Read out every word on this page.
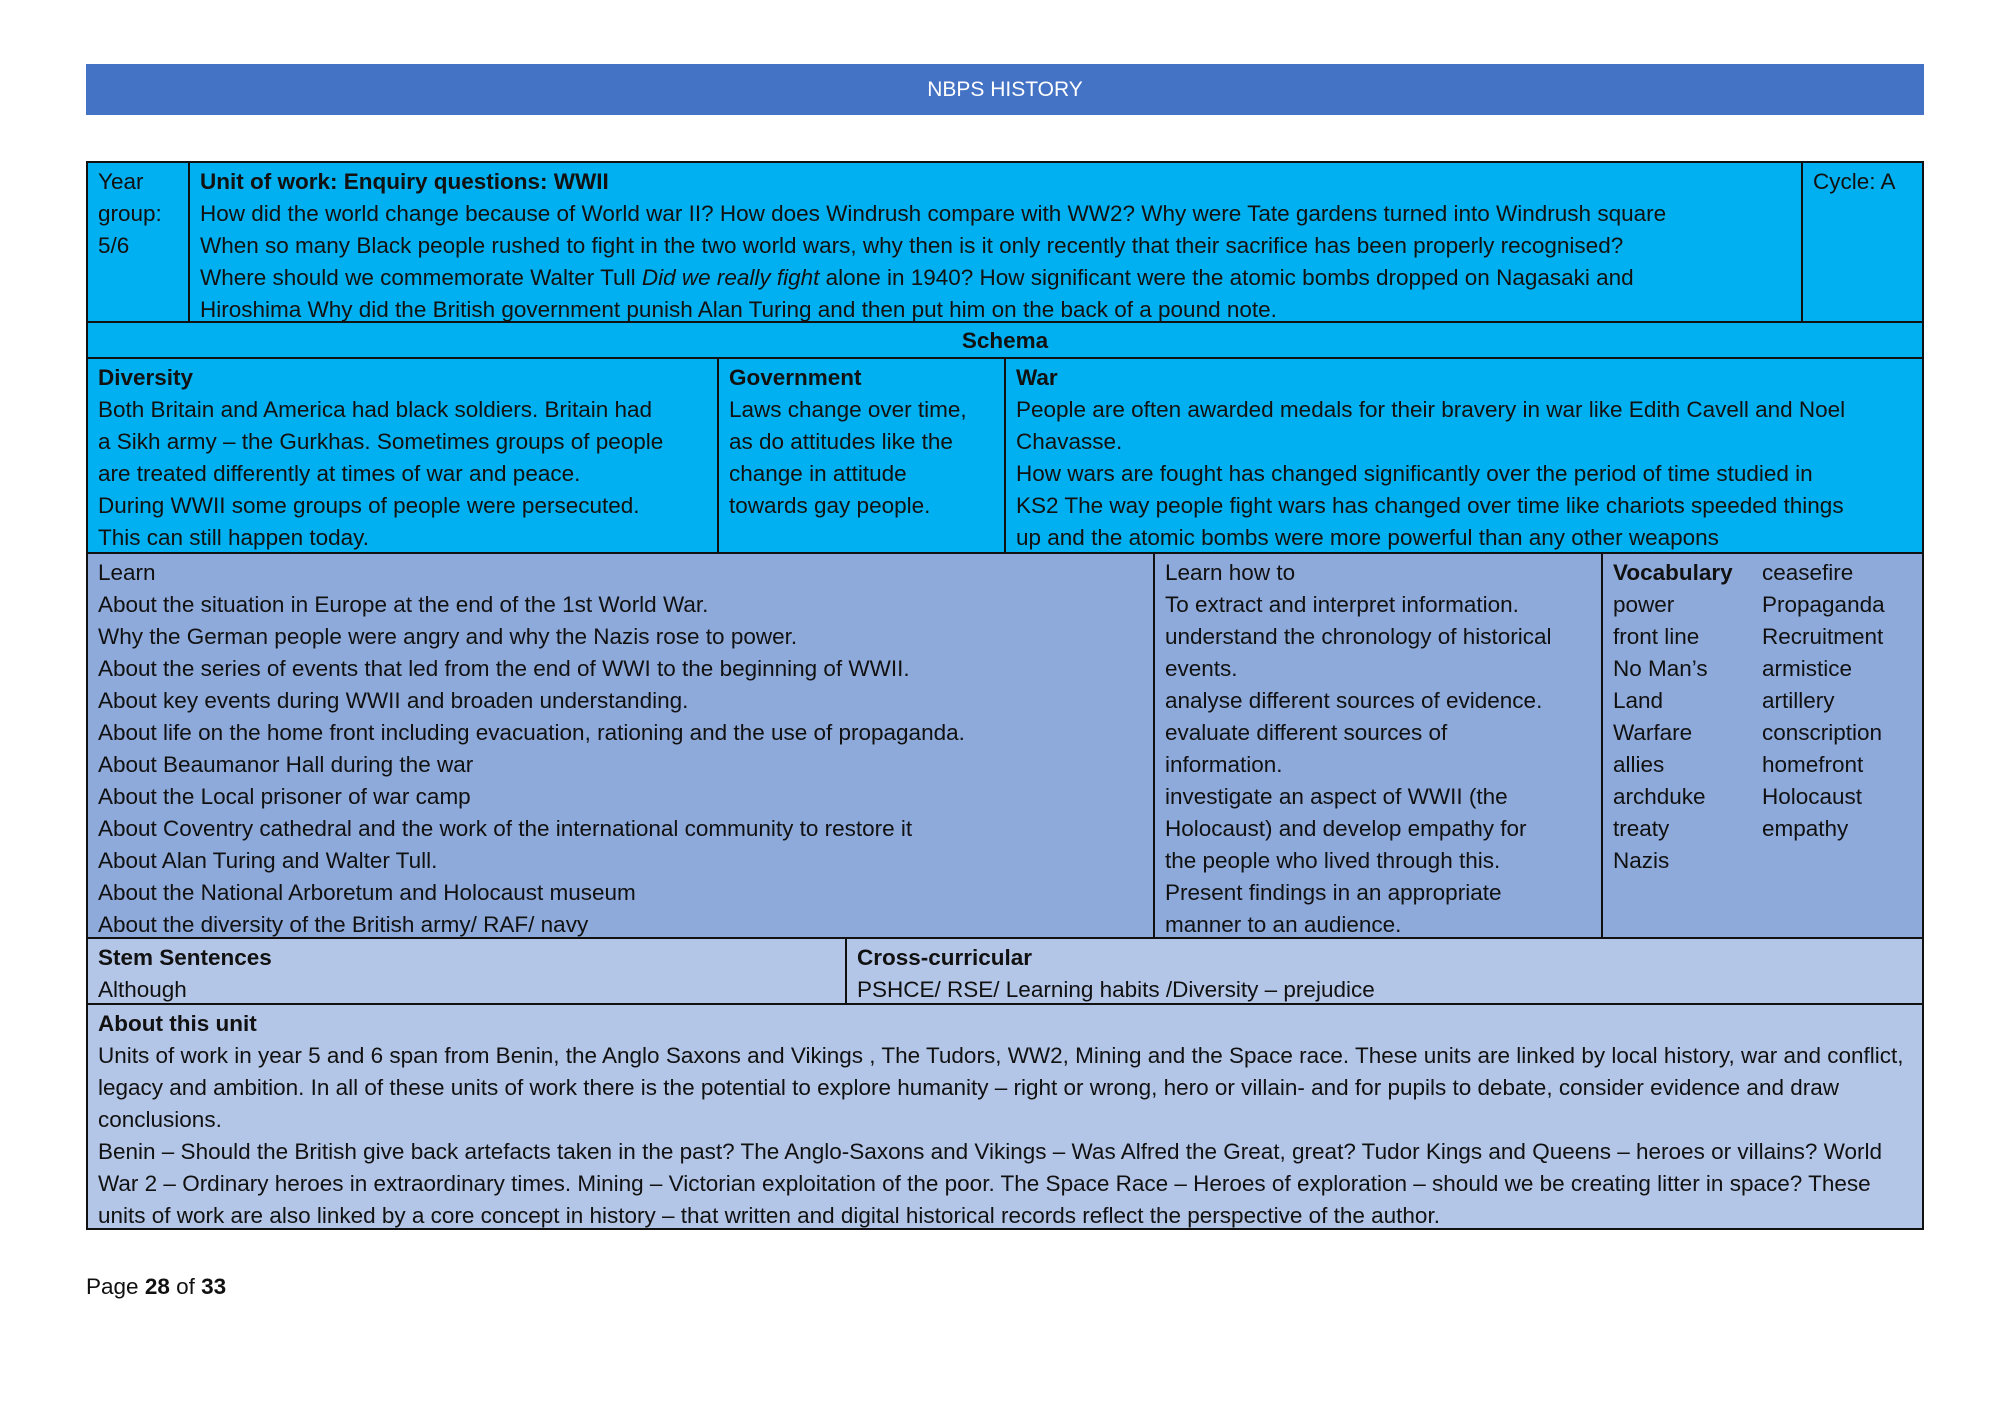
NBPS HISTORY
Year
group:
5/6
Unit of work: Enquiry questions: WWII
How did the world change because of World war II? How does Windrush compare with WW2? Why were Tate gardens turned into Windrush square
When so many Black people rushed to fight in the two world wars, why then is it only recently that their sacrifice has been properly recognised?
Where should we commemorate Walter Tull Did we really fight alone in 1940? How significant were the atomic bombs dropped on Nagasaki and
Hiroshima Why did the British government punish Alan Turing and then put him on the back of a pound note.
Cycle: A
Schema
Diversity
Both Britain and America had black soldiers. Britain had
a Sikh army – the Gurkhas. Sometimes groups of people
are treated differently at times of war and peace.
During WWII some groups of people were persecuted.
This can still happen today.
Government
Laws change over time,
as do attitudes like the
change in attitude
towards gay people.
War
People are often awarded medals for their bravery in war like Edith Cavell and Noel
Chavasse.
How wars are fought has changed significantly over the period of time studied in
KS2 The way people fight wars has changed over time like chariots speeded things
up and the atomic bombs were more powerful than any other weapons
Learn
About the situation in Europe at the end of the 1st World War.
Why the German people were angry and why the Nazis rose to power.
About the series of events that led from the end of WWI to the beginning of WWII.
About key events during WWII and broaden understanding.
About life on the home front including evacuation, rationing and the use of propaganda.
About Beaumanor Hall during the war
About the Local prisoner of war camp
About Coventry cathedral and the work of the international community to restore it
About Alan Turing and Walter Tull.
About the National Arboretum and Holocaust museum
About the diversity of the British army/ RAF/ navy
Learn how to
To extract and interpret information.
understand the chronology of historical
events.
analyse different sources of evidence.
evaluate different sources of
information.
investigate an aspect of WWII (the
Holocaust) and develop empathy for
the people who lived through this.
Present findings in an appropriate
manner to an audience.
Vocabulary
power
front line
No Man’s
Land
Warfare
allies
archduke
treaty
Nazis
ceasefire
Propaganda
Recruitment
armistice
artillery
conscription
homefront
Holocaust
empathy
Stem Sentences
Although
Cross-curricular
PSHCE/ RSE/ Learning habits /Diversity – prejudice
About this unit
Units of work in year 5 and 6 span from Benin, the Anglo Saxons and Vikings , The Tudors, WW2, Mining and the Space race. These units are linked by local history, war and conflict, legacy and ambition. In all of these units of work there is the potential to explore humanity – right or wrong, hero or villain- and for pupils to debate, consider evidence and draw conclusions.
Benin – Should the British give back artefacts taken in the past? The Anglo-Saxons and Vikings – Was Alfred the Great, great? Tudor Kings and Queens – heroes or villains? World War 2 – Ordinary heroes in extraordinary times. Mining – Victorian exploitation of the poor. The Space Race – Heroes of exploration – should we be creating litter in space? These units of work are also linked by a core concept in history – that written and digital historical records reflect the perspective of the author.
Page 28 of 33
